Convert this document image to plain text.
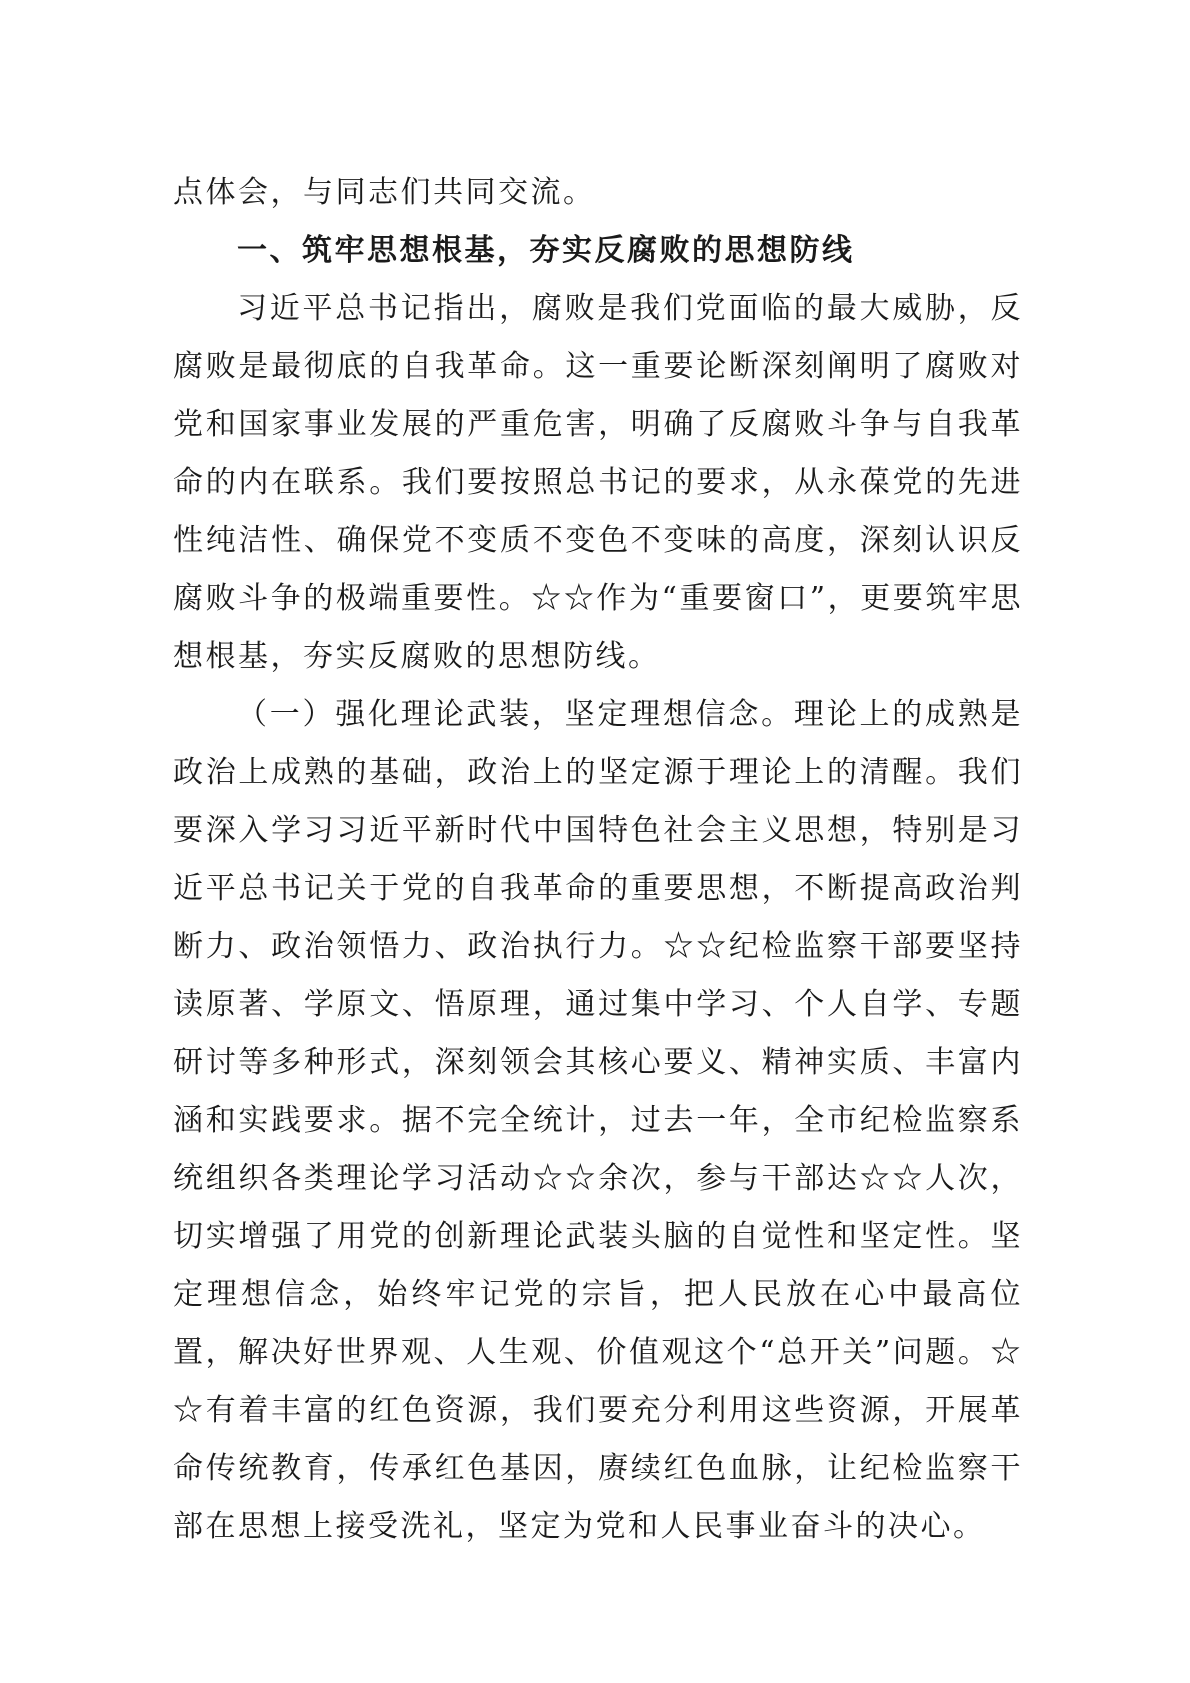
点体会，与同志们共同交流。

一、筑牢思想根基，夯实反腐败的思想防线

习近平总书记指出，腐败是我们党面临的最大威胁，反腐败是最彻底的自我革命。这一重要论断深刻阐明了腐败对党和国家事业发展的严重危害，明确了反腐败斗争与自我革命的内在联系。我们要按照总书记的要求，从永葆党的先进性纯洁性、确保党不变质不变色不变味的高度，深刻认识反腐败斗争的极端重要性。☆☆作为“重要窗口”，更要筑牢思想根基，夯实反腐败的思想防线。

（一）强化理论武装，坚定理想信念。理论上的成熟是政治上成熟的基础，政治上的坚定源于理论上的清醒。我们要深入学习习近平新时代中国特色社会主义思想，特别是习近平总书记关于党的自我革命的重要思想，不断提高政治判断力、政治领悟力、政治执行力。☆☆纪检监察干部要坚持读原著、学原文、悟原理，通过集中学习、个人自学、专题研讨等多种形式，深刻领会其核心要义、精神实质、丰富内涵和实践要求。据不完全统计，过去一年，全市纪检监察系统组织各类理论学习活动☆☆余次，参与干部达☆☆人次，切实增强了用党的创新理论武装头脑的自觉性和坚定性。坚定理想信念，始终牢记党的宗旨，把人民放在心中最高位置，解决好世界观、人生观、价值观这个“总开关”问题。☆☆有着丰富的红色资源，我们要充分利用这些资源，开展革命传统教育，传承红色基因，赓续红色血脉，让纪检监察干部在思想上接受洗礼，坚定为党和人民事业奋斗的决心。
